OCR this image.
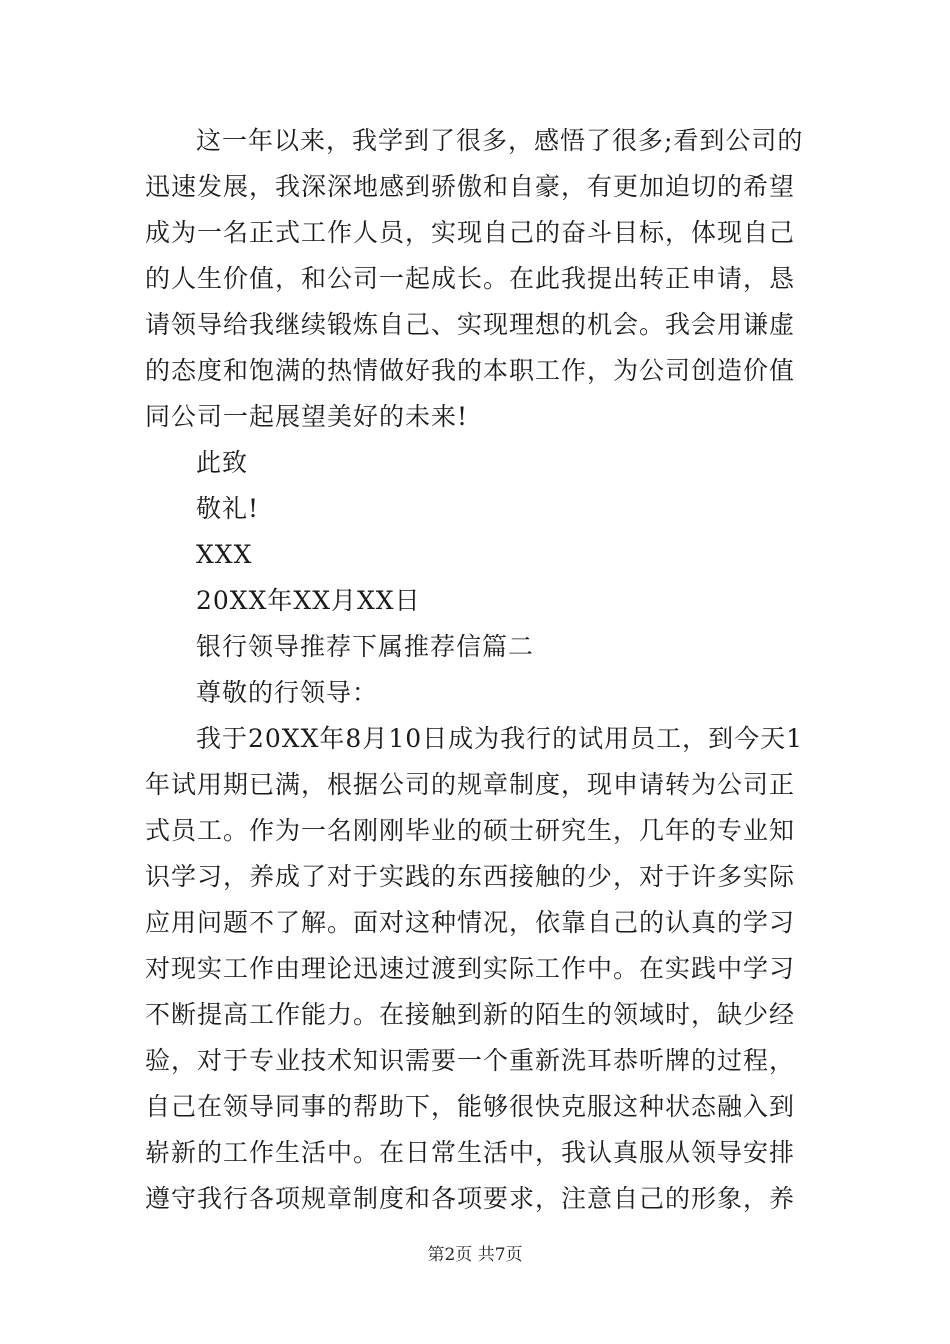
这一年以来，我学到了很多，感悟了很多;看到公司的
迅速发展，我深深地感到骄傲和自豪，有更加迫切的希望
成为一名正式工作人员，实现自己的奋斗目标，体现自己
的人生价值，和公司一起成长。在此我提出转正申请，恳
请领导给我继续锻炼自己、实现理想的机会。我会用谦虚
的态度和饱满的热情做好我的本职工作，为公司创造价值
同公司一起展望美好的未来!
此致
敬礼!
XXX
20XX年XX月XX日
银行领导推荐下属推荐信篇二
尊敬的行领导：
我于20XX年8月10日成为我行的试用员工，到今天1
年试用期已满，根据公司的规章制度，现申请转为公司正
式员工。作为一名刚刚毕业的硕士研究生，几年的专业知
识学习，养成了对于实践的东西接触的少，对于许多实际
应用问题不了解。面对这种情况，依靠自己的认真的学习
对现实工作由理论迅速过渡到实际工作中。在实践中学习
不断提高工作能力。在接触到新的陌生的领域时，缺少经
验，对于专业技术知识需要一个重新洗耳恭听牌的过程，
自己在领导同事的帮助下，能够很快克服这种状态融入到
崭新的工作生活中。在日常生活中，我认真服从领导安排
遵守我行各项规章制度和各项要求，注意自己的形象，养
第2页 共7页
